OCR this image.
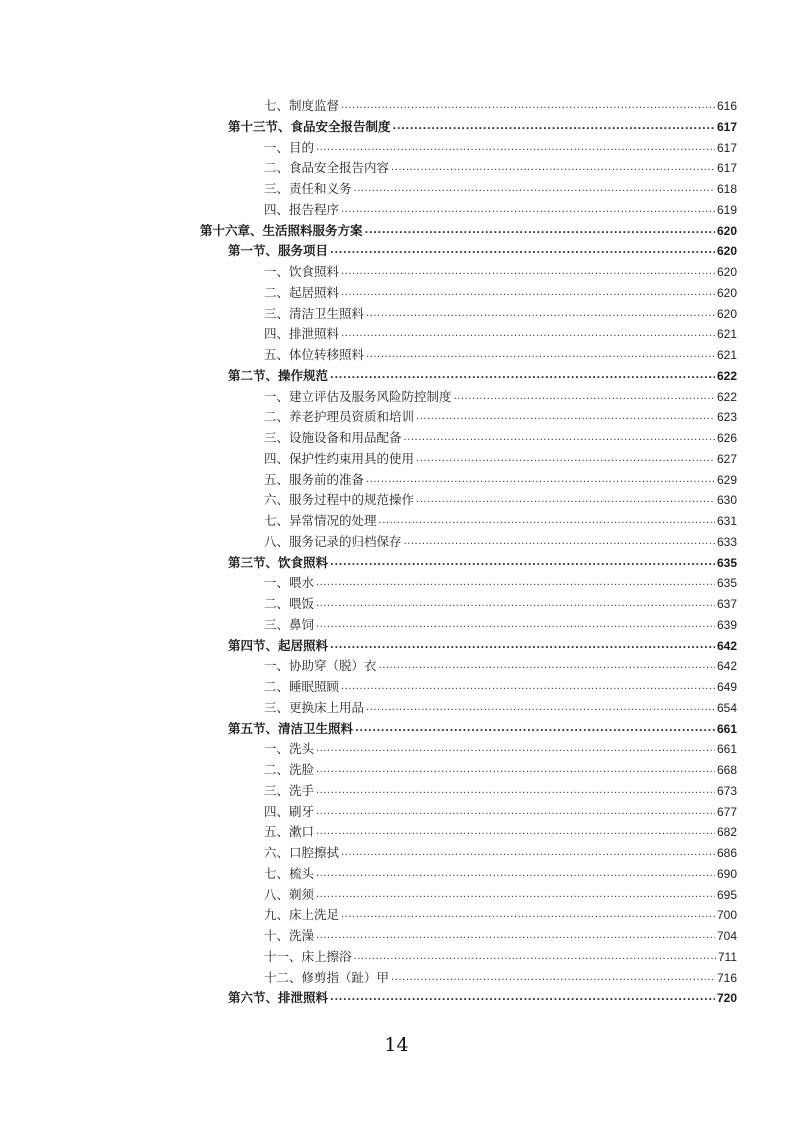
七、制度监督 .....	616
第十三节、食品安全报告制度 .....	617
一、目的 .....	617
二、食品安全报告内容 .....	617
三、责任和义务 .....	618
四、报告程序 .....	619
第十六章、生活照料服务方案 .....	620
第一节、服务项目 .....	620
一、饮食照料 .....	620
二、起居照料 .....	620
三、清洁卫生照料 .....	620
四、排泄照料 .....	621
五、体位转移照料 .....	621
第二节、操作规范 .....	622
一、建立评估及服务风险防控制度 .....	622
二、养老护理员资质和培训 .....	623
三、设施设备和用品配备 .....	626
四、保护性约束用具的使用 .....	627
五、服务前的准备 .....	629
六、服务过程中的规范操作 .....	630
七、异常情况的处理 .....	631
八、服务记录的归档保存 .....	633
第三节、饮食照料 .....	635
一、喂水 .....	635
二、喂饭 .....	637
三、鼻饲 .....	639
第四节、起居照料 .....	642
一、协助穿（脱）衣 .....	642
二、睡眠照顾 .....	649
三、更换床上用品 .....	654
第五节、清洁卫生照料 .....	661
一、洗头 .....	661
二、洗脸 .....	668
三、洗手 .....	673
四、刷牙 .....	677
五、漱口 .....	682
六、口腔擦拭 .....	686
七、梳头 .....	690
八、剃须 .....	695
九、床上洗足 .....	700
十、洗澡 .....	704
十一、床上擦浴 .....	711
十二、修剪指（趾）甲 .....	716
第六节、排泄照料 .....	720
14
